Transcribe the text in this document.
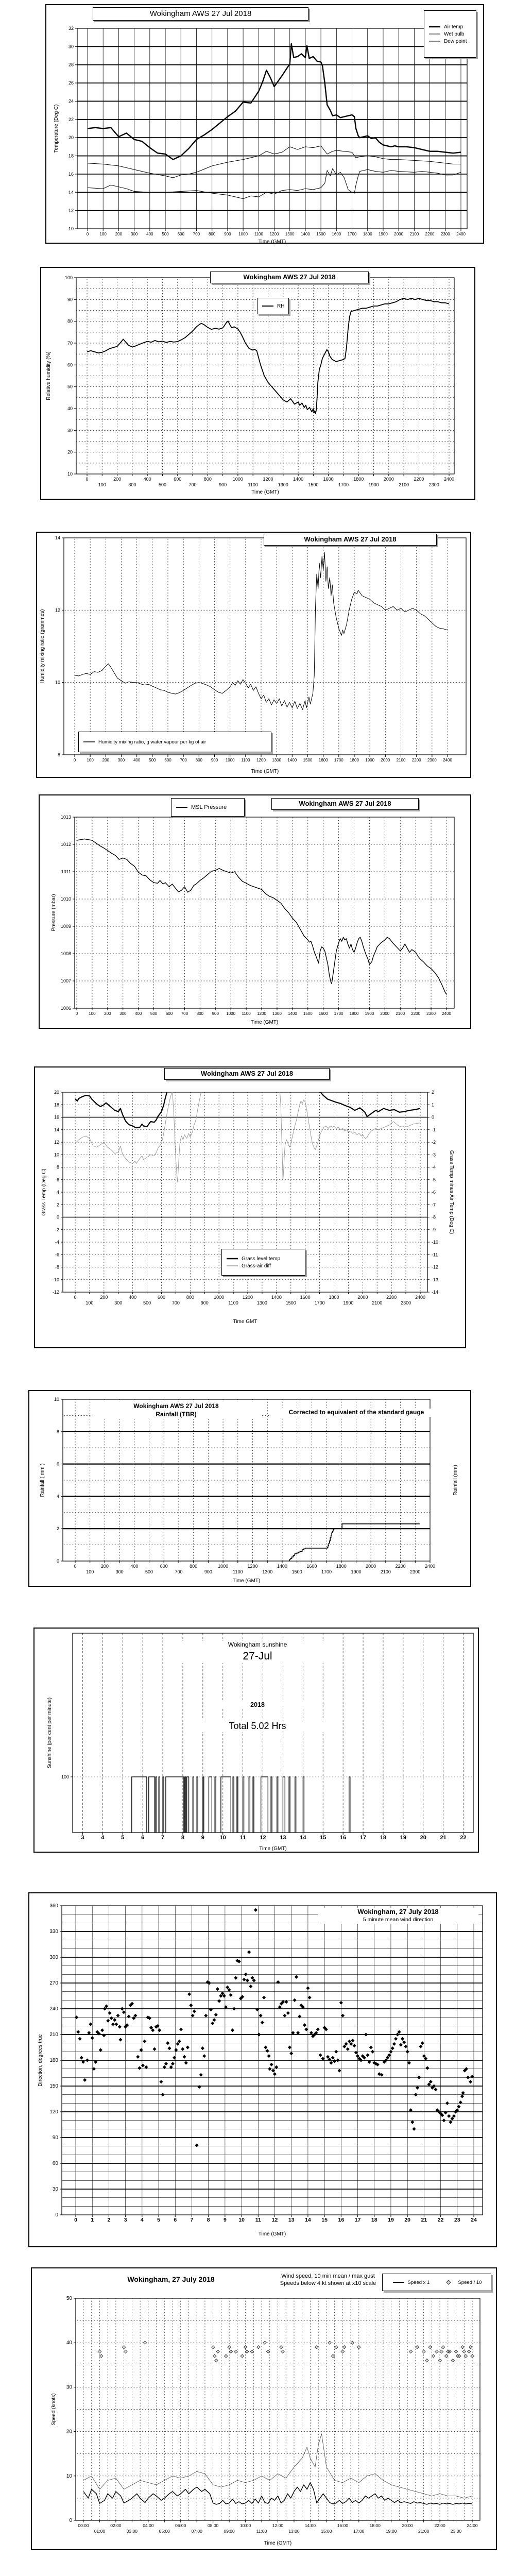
0	100 200 300 400 500 600 700 800 900 1000 1100 1200 1300 1400 1500 1600 1700 1800 1900 2000 2100 2200 2300 2400
Time (GMT)
10
12
14
16
18
20
22
24
26
28
30
32
Temperature (Deg C)
Wokingham AWS 27 Jul 2018
Air temp
Wet bulb
Dew point
0
100
200
300
400
500
600
700
800
900
1000
1100
1200
1300
1400
1500
1600
1700
1800
1900
2000
2100
2200
2300
2400
Time (GMT)
10
20
30
40
50
60
70
80
90
100
Relative humidity (%)
Wokingham AWS 27 Jul 2018
RH
0	100 200 300 400 500 600 700 800 900 1000 1100 1200 1300 1400 1500 1600 1700 1800 1900 2000 2100 2200 2300 2400
Time (GMT)
8
10
12
14
Humidity mixing ratio (grammes)
Wokingham AWS 27 Jul 2018
Humidity mixing ratio, g water vapour per kg of air
0	100 200 300 400 500 600 700 800 900 1000 1100 1200 1300 1400 1500 1600 1700 1800 1900 2000 2100 2200 2300 2400
Time (GMT)
1006
1007
1008
1009
1010
1011
1012
1013
Pressure (mbar)
Wokingham AWS 27 Jul 2018
MSL Pressure
0
100
200
300
400
500
600
700
800
900
1000
1100
1200
1300
1400
1500
1600
1700
1800
1900
2000
2100
2200
2300
2400
Time GMT
-12
-10
-8
-6
-4
-2
0
2
4
6
8
10
12
14
16
18
20
Grass Temp (Deg C)
-14
-13
-12
-11
-10
-9
-8
-7
-6
-5
-4
-3
-2
-1
0
1
2
Grass Temp minus Air Temp (Deg C)
Wokingham AWS 27 Jul 2018
Grass level temp
Grass-air diff
0
100
200
300
400
500
600
700
800
900
1000
1100
1200
1300
1400
1500
1600
1700
1800
1900
2000
2100
2200
2300
2400
Time (GMT)
0
2
4
6
8
10
Rainfall ( mm )	Rainfall (mm)
Wokingham AWS 27 Jul 2018
Rainfall (TBR)	Corrected to equivalent of the standard gauge
3	4	5	6	7	8	9	10 11 12 13 14 15 16 17 18 19 20 21 22
Time (GMT)
100
Sunshine (per cent per minute)
Wokingham sunshine
27-Jul
2018
Total 5.02 Hrs
0	1	2	3	4	5	6	7	8	9 10 11 12 13 14 15 16 17 18 19 20 21 22 23 24
Time (GMT)
0
30
60
90
120
150
180
210
240
270
300
330
360
Direction, degrees true
Wokingham, 27 July 2018
5 minute mean wind direction
00:00
01:00
02:00
03:00
04:00
05:00
06:00
07:00
08:00
09:00
10:00
11:00
12:00
13:00
14:00
15:00
16:00
17:00
18:00
19:00
20:00
21:00
22:00
23:00
24:00
Time (GMT)
0
10
20
30
40
50
Speed (knots)
Wokingham, 27 July 2018	Wind speed, 10 min mean / max gust
Speeds below 4 kt shown at x10 scale	Speed x 1	Speed / 10
